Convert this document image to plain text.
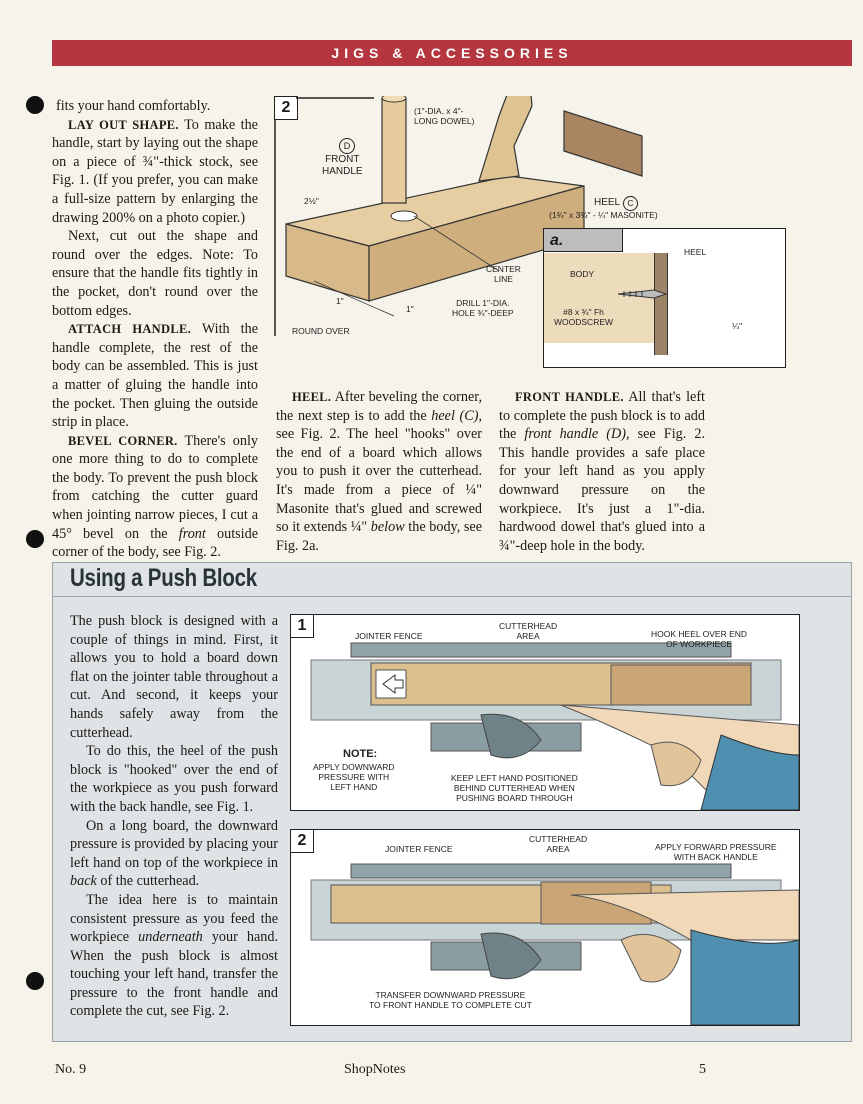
JIGS & ACCESSORIES

fits your hand comfortably.

LAY OUT SHAPE. To make the handle, start by laying out the shape on a piece of ¾"-thick stock, see Fig. 1. (If you prefer, you can make a full-size pattern by enlarging the drawing 200% on a photo copier.)

Next, cut out the shape and round over the edges. Note: To ensure that the handle fits tightly in the pocket, don't round over the bottom edges.

ATTACH HANDLE. With the handle complete, the rest of the body can be assembled. This is just a matter of gluing the handle into the pocket. Then gluing the outside strip in place.

BEVEL CORNER. There's only one more thing to do to complete the body. To prevent the push block from catching the cutter guard when jointing narrow pieces, I cut a 45° bevel on the front outside corner of the body, see Fig. 2.

2	(1"-DIA. x 4"-
LONG DOWEL)
D
FRONT
HANDLE
2½"	HEEL C
(1¾" x 3¾" - ¼" MASONITE)
CENTER
LINE
DRILL 1"-DIA.
HOLE ¾"-DEEP
1"
1"
ROUND OVER
a.
HEEL
BODY
#8 x ¾" Fh
WOODSCREW	¼"

HEEL. After beveling the corner, the next step is to add the heel (C), see Fig. 2. The heel "hooks" over the end of a board which allows you to push it over the cutterhead. It's made from a piece of ¼" Masonite that's glued and screwed so it extends ¼" below the body, see Fig. 2a.

FRONT HANDLE. All that's left to complete the push block is to add the front handle (D), see Fig. 2. This handle provides a safe place for your left hand as you apply downward pressure on the workpiece. It's just a 1"-dia. hardwood dowel that's glued into a ¾"-deep hole in the body.

Using a Push Block

The push block is designed with a couple of things in mind. First, it allows you to hold a board down flat on the jointer table throughout a cut. And second, it keeps your hands safely away from the cutterhead.

To do this, the heel of the push block is "hooked" over the end of the workpiece as you push forward with the back handle, see Fig. 1.

On a long board, the downward pressure is provided by placing your left hand on top of the workpiece in back of the cutterhead.

The idea here is to maintain consistent pressure as you feed the workpiece underneath your hand. When the push block is almost touching your left hand, transfer the pressure to the front handle and complete the cut, see Fig. 2.

1
JOINTER FENCE
CUTTERHEAD
AREA	HOOK HEEL OVER END
OF WORKPIECE
NOTE:
APPLY DOWNWARD
PRESSURE WITH
LEFT HAND
KEEP LEFT HAND POSITIONED
BEHIND CUTTERHEAD WHEN
PUSHING BOARD THROUGH
2	JOINTER FENCE
CUTTERHEAD
AREA	APPLY FORWARD PRESSURE
WITH BACK HANDLE
TRANSFER DOWNWARD PRESSURE
TO FRONT HANDLE TO COMPLETE CUT
No. 9	ShopNotes	5
